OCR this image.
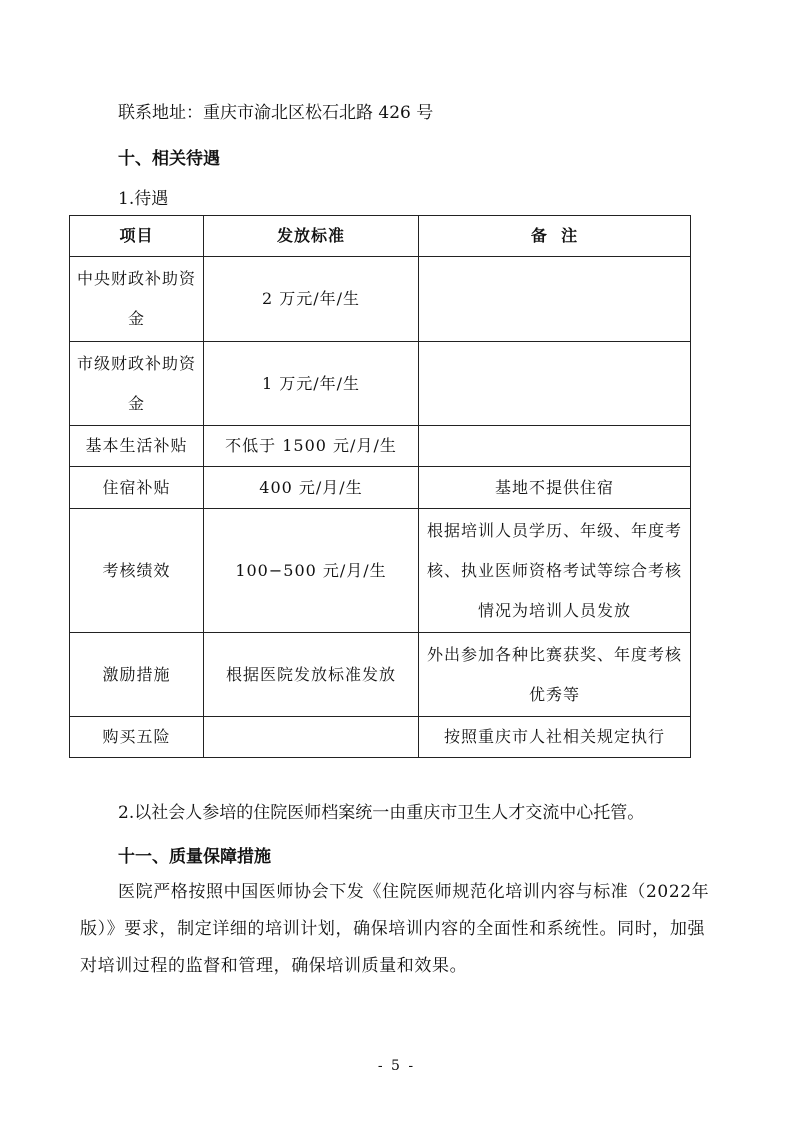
联系地址：重庆市渝北区松石北路 426 号
十、相关待遇
1.待遇
项目	发放标准	备  注
中央财政补助资金	2 万元/年/生	
市级财政补助资金	1 万元/年/生	
基本生活补贴	不低于 1500 元/月/生	
住宿补贴	400 元/月/生	基地不提供住宿
考核绩效	100−500 元/月/生	根据培训人员学历、年级、年度考核、执业医师资格考试等综合考核情况为培训人员发放
激励措施	根据医院发放标准发放	外出参加各种比赛获奖、年度考核优秀等
购买五险		按照重庆市人社相关规定执行
2.以社会人参培的住院医师档案统一由重庆市卫生人才交流中心托管。
十一、质量保障措施
医院严格按照中国医师协会下发《住院医师规范化培训内容与标准（2022年版）》要求，制定详细的培训计划，确保培训内容的全面性和系统性。同时，加强对培训过程的监督和管理，确保培训质量和效果。
- 5 -
